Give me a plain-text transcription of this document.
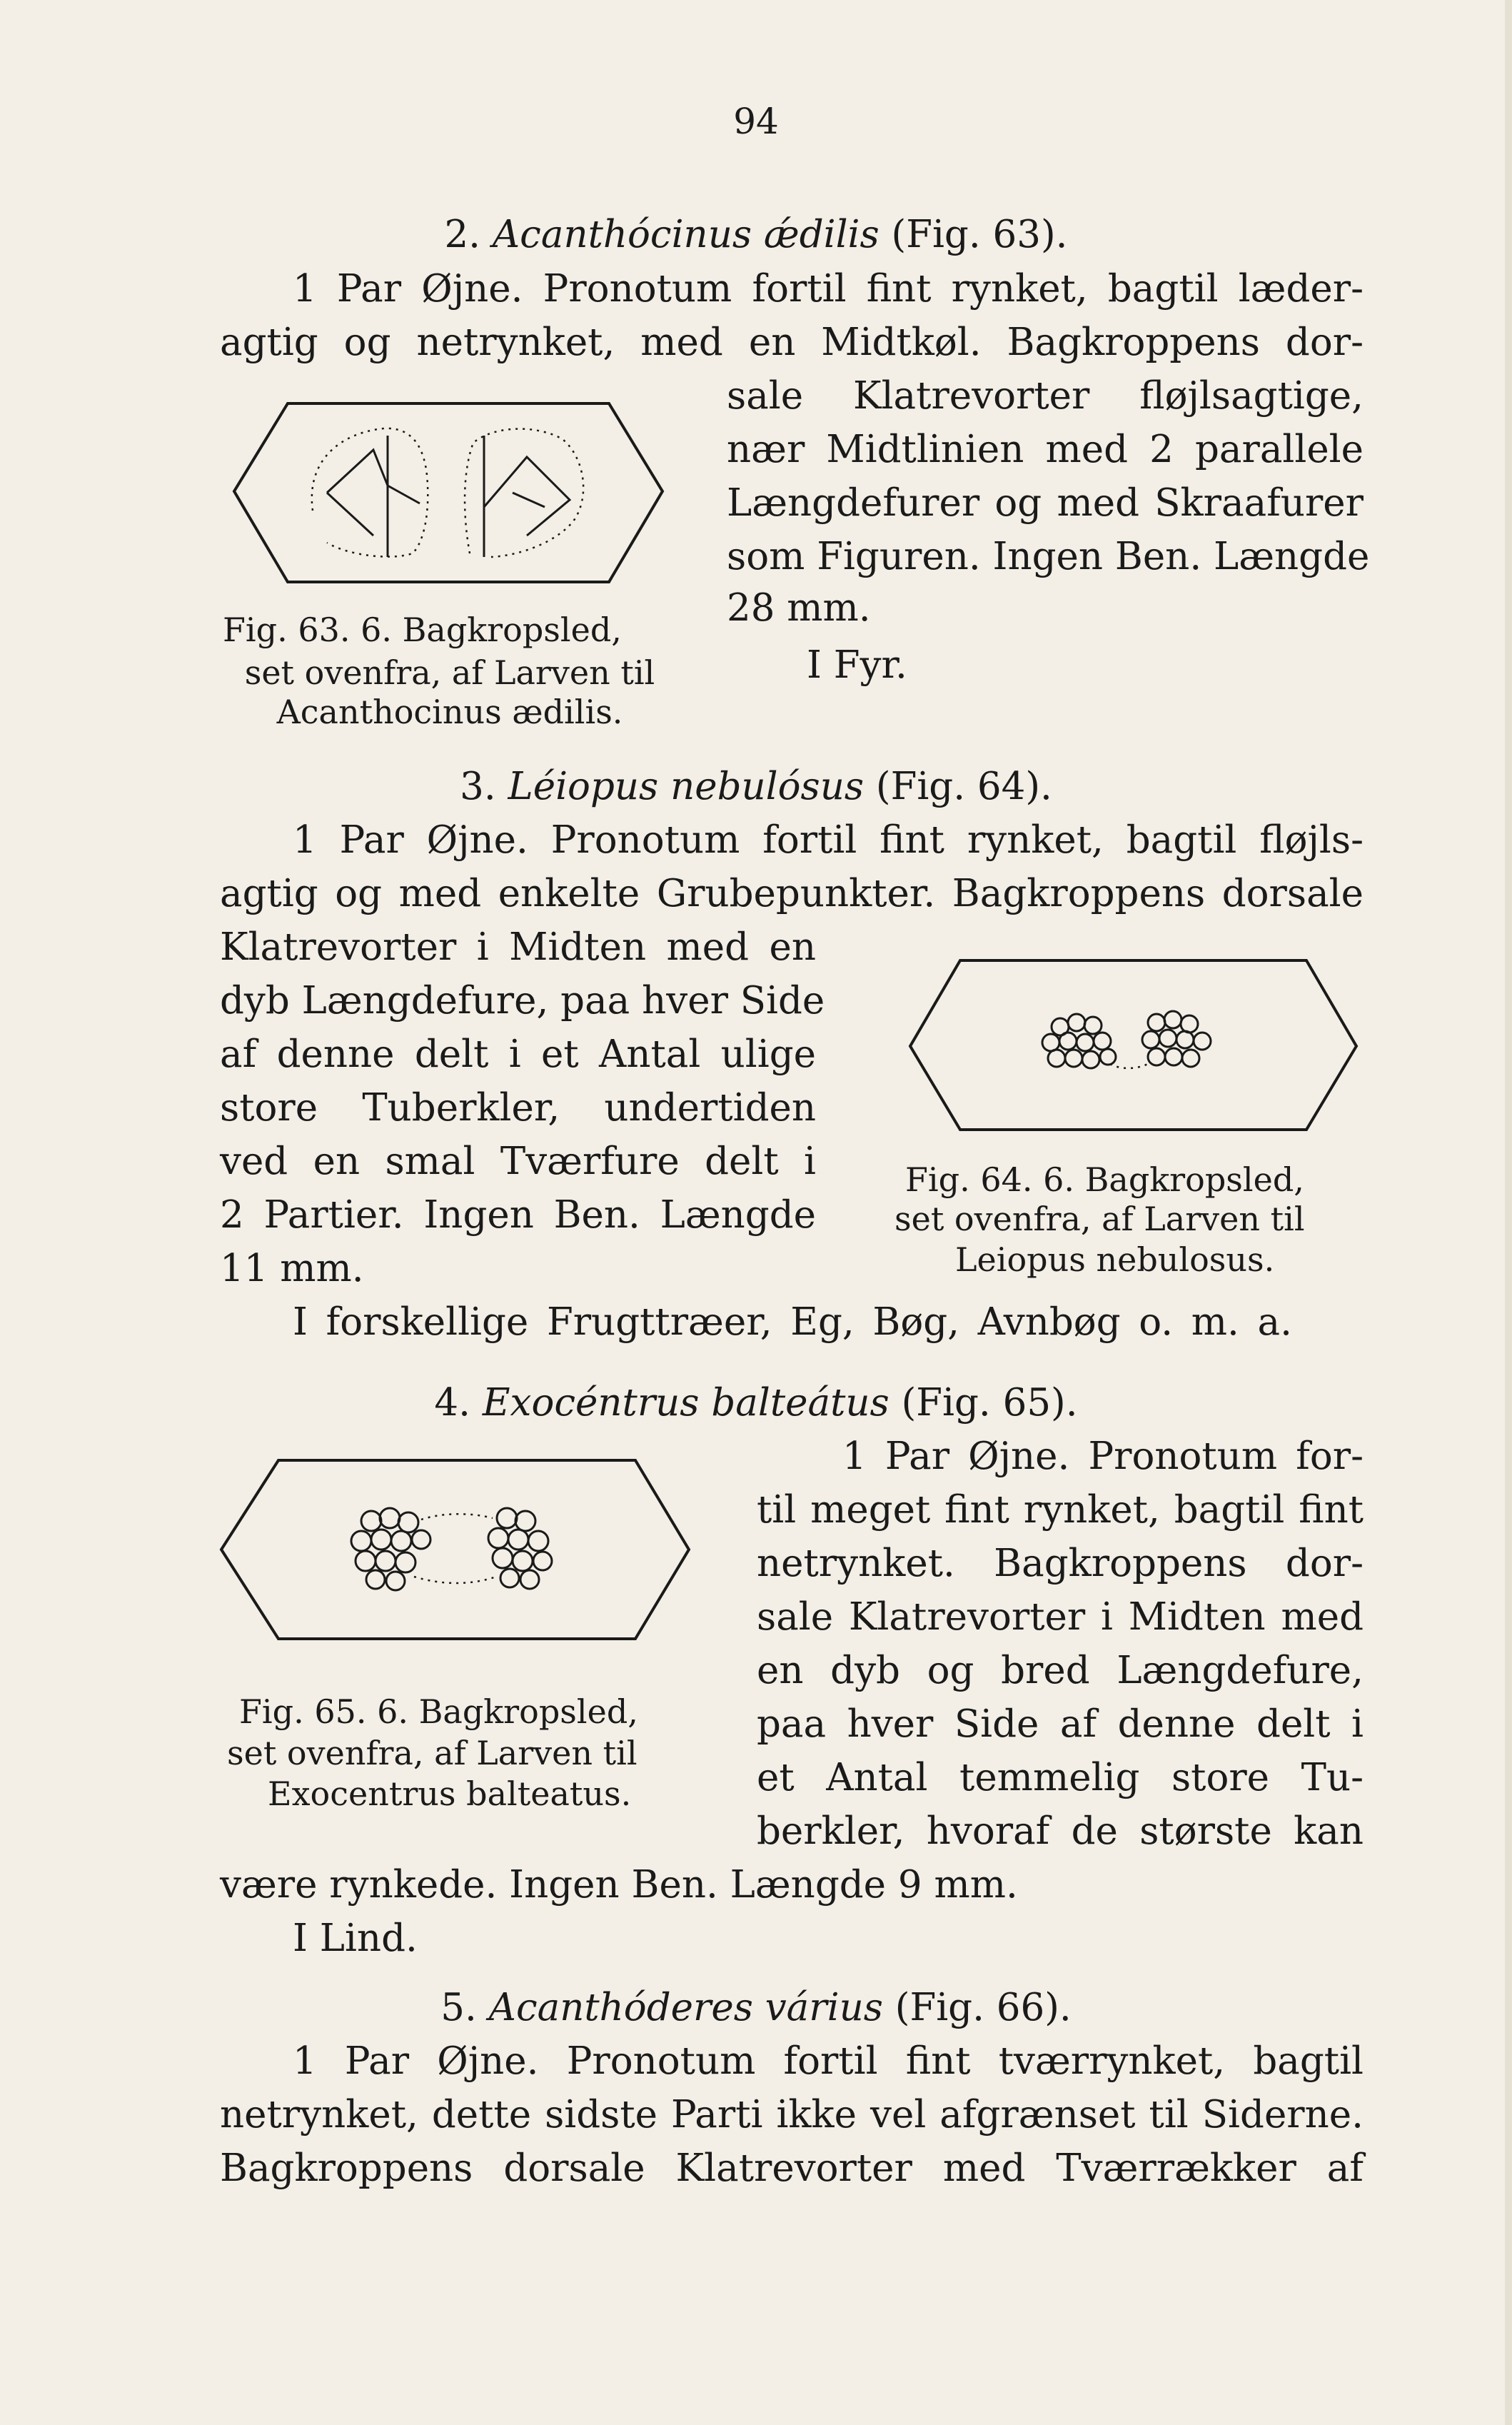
94
2. Acanthócinus ǽdilis (Fig. 63).
1 Par Øjne. Pronotum fortil fint rynket, bagtil læder-
agtig og netrynket, med en Midtkøl. Bagkroppens dor-
sale Klatrevorter fløjlsagtige,
nær Midtlinien med 2 parallele
Længdefurer og med Skraafurer
som Figuren. Ingen Ben. Længde
28 mm.
I Fyr.
Fig. 63. 6. Bagkropsled,
set ovenfra, af Larven til
Acanthocinus ædilis.
3. Léiopus nebulósus (Fig. 64).
1 Par Øjne. Pronotum fortil fint rynket, bagtil fløjls-
agtig og med enkelte Grubepunkter. Bagkroppens dorsale
Klatrevorter i Midten med en
dyb Længdefure, paa hver Side
af denne delt i et Antal ulige
store Tuberkler, undertiden
ved en smal Tværfure delt i
2 Partier. Ingen Ben. Længde
11 mm.
I forskellige Frugttræer, Eg, Bøg, Avnbøg o. m. a.
Fig. 64. 6. Bagkropsled,
set ovenfra, af Larven til
Leiopus nebulosus.
4. Exocéntrus balteátus (Fig. 65).
1 Par Øjne. Pronotum for-
til meget fint rynket, bagtil fint
netrynket. Bagkroppens dor-
sale Klatrevorter i Midten med
en dyb og bred Længdefure,
paa hver Side af denne delt i
et Antal temmelig store Tu-
berkler, hvoraf de største kan
være rynkede. Ingen Ben. Længde 9 mm.
I Lind.
Fig. 65. 6. Bagkropsled,
set ovenfra, af Larven til
Exocentrus balteatus.
5. Acanthóderes várius (Fig. 66).
1 Par Øjne. Pronotum fortil fint tværrynket, bagtil
netrynket, dette sidste Parti ikke vel afgrænset til Siderne.
Bagkroppens dorsale Klatrevorter med Tværrækker af
